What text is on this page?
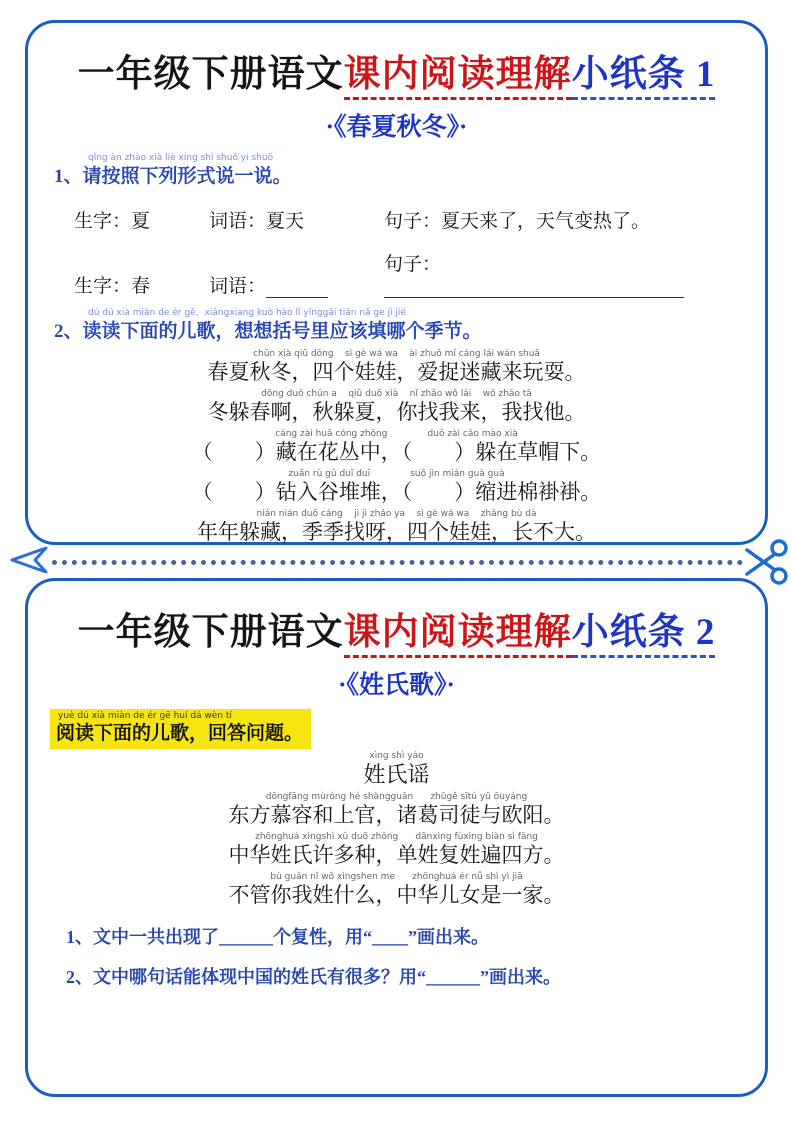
一年级下册语文课内阅读理解小纸条 1
·《春夏秋冬》·
qǐng àn zhào xià liè xíng shì shuō yi shuō
1、请按照下列形式说一说。
生字：夏	词语：夏天	句子：夏天来了，天气变热了。
生字：春	词语：
句子：
dú dú xià miàn de ér gē，xiǎngxiang kuò hào lǐ yīnggāi tián nǎ ge jì jié
2、读读下面的儿歌，想想括号里应该填哪个季节。
chūn xià qiū dōng    sì gè wá wa    ài zhuō mí cáng lái wán shuǎ
春夏秋冬，四个娃娃，爱捉迷藏来玩耍。
dōng duǒ chūn a    qiū duǒ xià    nǐ zhǎo wǒ lái    wǒ zhǎo tā
冬躲春啊，秋躲夏，你找我来，我找他。
cáng zài huā cóng zhōng              duǒ zài cǎo mào xià
（　　）藏在花丛中，（　　）躲在草帽下。
zuān rù gǔ duī duī              suō jìn mián guà guà
（　　）钻入谷堆堆，（　　）缩进棉褂褂。
nián nián duǒ cáng    jì jì zhǎo ya    sì gè wá wa    zhǎng bù dà
年年躲藏，季季找呀，四个娃娃，长不大。
一年级下册语文课内阅读理解小纸条 2
·《姓氏歌》·
yuè dú xià miàn de ér gē huí dá wèn tí
阅读下面的儿歌，回答问题。
xìng shì yáo
姓氏谣
dōngfāng mùróng hé shàngguān      zhūgě sītú yǔ ōuyáng
东方慕容和上官，诸葛司徒与欧阳。
zhōnghuá xìngshì xǔ duō zhǒng      dānxìng fùxìng biàn sì fāng
中华姓氏许多种，单姓复姓遍四方。
bù guǎn nǐ wǒ xìngshen me      zhōnghuá ér nǚ shì yì jiā
不管你我姓什么，中华儿女是一家。
1、文中一共出现了______个复性，用“____”画出来。
2、文中哪句话能体现中国的姓氏有很多？用“______”画出来。
